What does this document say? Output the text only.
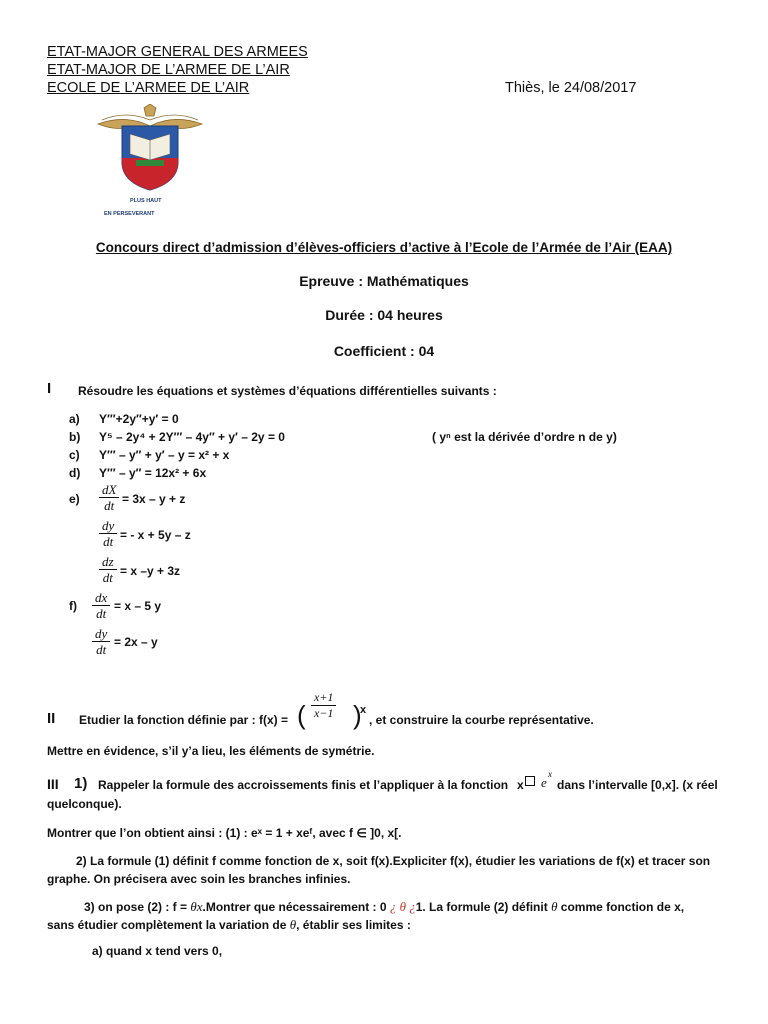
ETAT-MAJOR GENERAL DES ARMEES
ETAT-MAJOR DE L’ARMEE DE L’AIR
ECOLE DE L’ARMEE DE L’AIR	Thiès, le 24/08/2017
PLUS HAUT
EN PERSEVERANT
Concours direct d’admission d’élèves-officiers d’active à l’Ecole de l’Armée de l’Air (EAA)
Epreuve : Mathématiques
Durée : 04 heures
Coefficient : 04
I Résoudre les équations et systèmes d’équations différentielles suivants :
a) Y′′′+2y′′+y′ = 0
b) Y⁵ – 2y⁴ + 2Y′′′ – 4y′′ + y′ – 2y = 0	( yⁿ est la dérivée d’ordre n de y)
c) Y′′′ – y′′ + y′ – y = x² + x
d) Y′′′ – y′′ = 12x² + 6x
$e) \frac{dX}{dt} = 3x - y + z$
$\frac{dy}{dt}$ = - x + 5y – z
$\frac{dz}{dt} = x$ –y + 3z
$f) \frac{dx}{dt} = x - 5$ y
$\frac{dy}{dt} = 2x - y$
II Etudier la fonction définie par : f(x) = ( $\frac{x+1}{x-1}$ )
x
, et construire la courbe représentative.
Mettre en évidence, s’il y’a lieu, les éléments de symétrie.
III 1) Rappeler la formule des accroissements finis et l’appliquer à la fonction x e
x
dans l’intervalle [0,x]. (x réel
quelconque).
Montrer que l’on obtient ainsi : (1) : eˣ = 1 + xeᶠ, avec f ∈ ]0, x[.
2) La formule (1) définit f comme fonction de x, soit f(x).Expliciter f(x), étudier les variations de f(x) et tracer son
graphe. On précisera avec soin les branches infinies.
3) on pose (2) : f = θx.Montrer que nécessairement : 0 ¿ θ ¿1. La formule (2) définit θ comme fonction de x,
sans étudier complètement la variation de θ, établir ses limites :
a) quand x tend vers 0,
